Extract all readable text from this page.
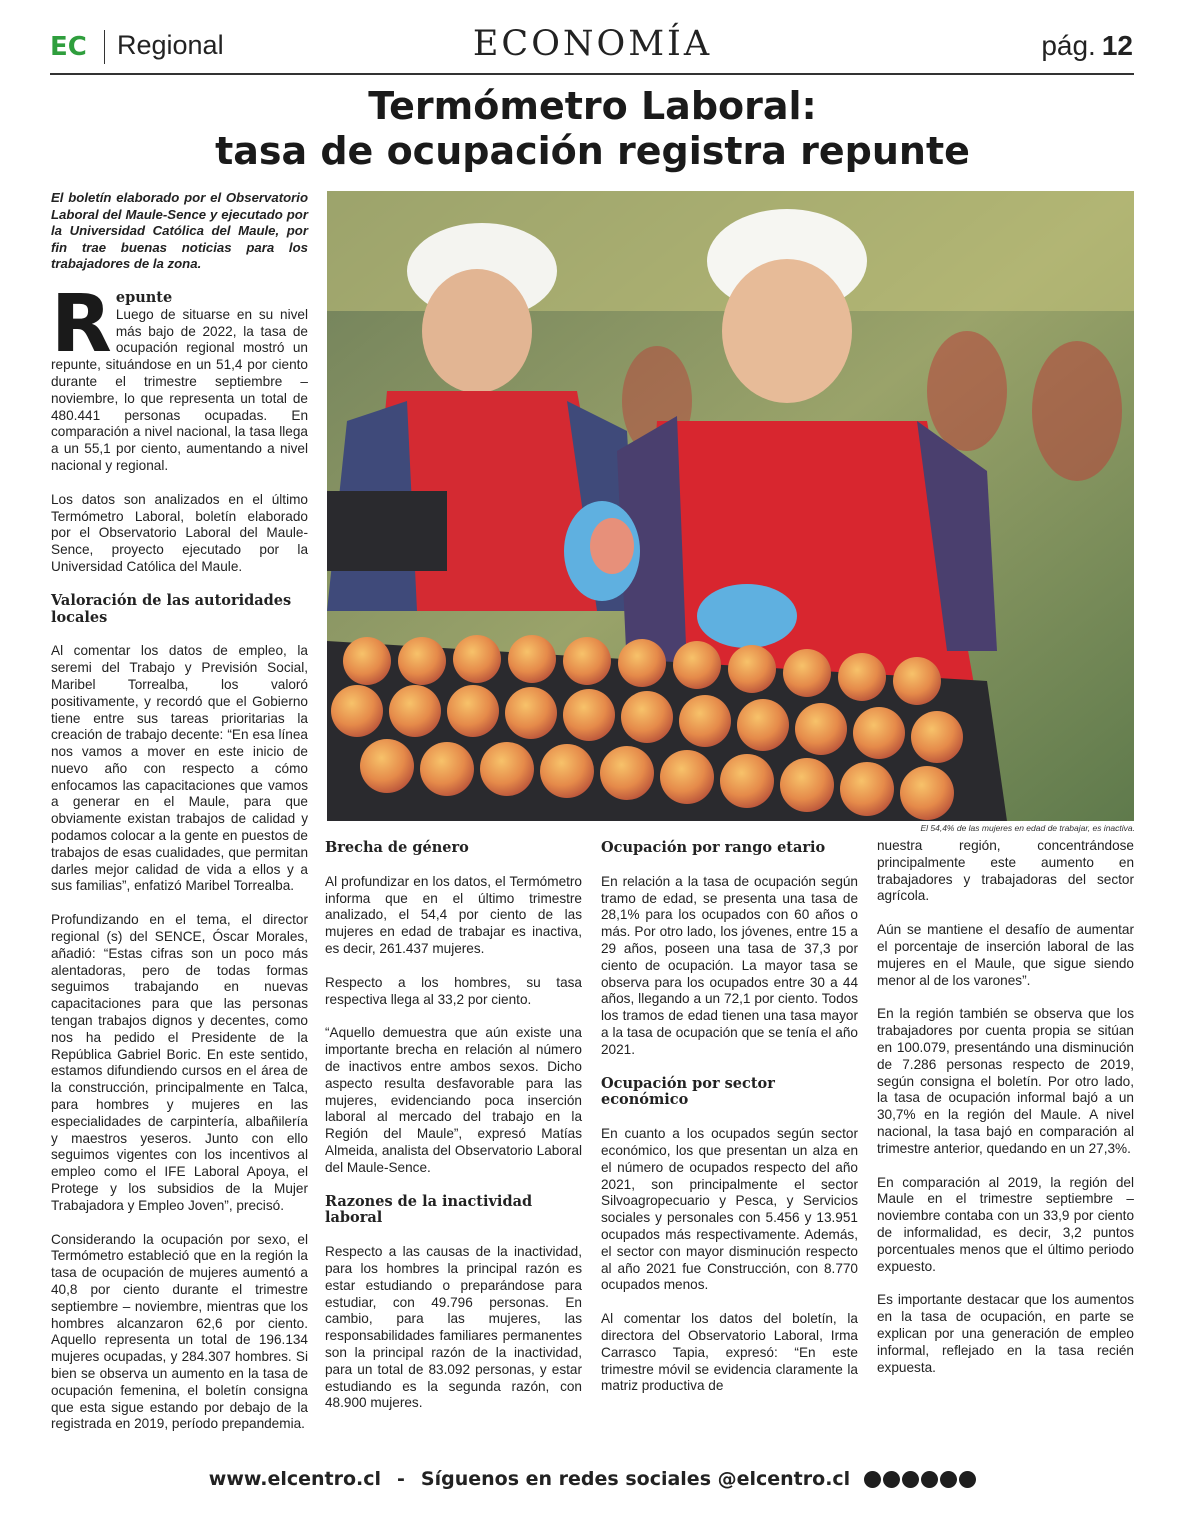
EC Regional	ECONOMÍA	pág. 12
Termómetro Laboral:
tasa de ocupación registra repunte

El boletín elaborado por el Observatorio Laboral del Maule-Sence y ejecutado por la Universidad Católica del Maule, por fin trae buenas noticias para los trabajadores de la zona.

R epunte
Luego de situarse en su nivel más bajo de 2022, la tasa de ocupación regional mostró un repunte, situándose en un 51,4 por ciento durante el trimestre septiembre – noviembre, lo que representa un total de 480.441 personas ocupadas. En comparación a nivel nacional, la tasa llega a un 55,1 por ciento, aumentando a nivel nacional y regional.

Los datos son analizados en el último Termómetro Laboral, boletín elaborado por el Observatorio Laboral del Maule-Sence, proyecto ejecutado por la Universidad Católica del Maule.

Valoración de las autoridades locales

Al comentar los datos de empleo, la seremi del Trabajo y Previsión Social, Maribel Torrealba, los valoró positivamente, y recordó que el Gobierno tiene entre sus tareas prioritarias la creación de trabajo decente: “En esa línea nos vamos a mover en este inicio de nuevo año con respecto a cómo enfocamos las capacitaciones que vamos a generar en el Maule, para que obviamente existan trabajos de calidad y podamos colocar a la gente en puestos de trabajos de esas cualidades, que permitan darles mejor calidad de vida a ellos y a sus familias”, enfatizó Maribel Torrealba.

Profundizando en el tema, el director regional (s) del SENCE, Óscar Morales, añadió: “Estas cifras son un poco más alentadoras, pero de todas formas seguimos trabajando en nuevas capacitaciones para que las personas tengan trabajos dignos y decentes, como nos ha pedido el Presidente de la República Gabriel Boric. En este sentido, estamos difundiendo cursos en el área de la construcción, principalmente en Talca, para hombres y mujeres en las especialidades de carpintería, albañilería y maestros yeseros. Junto con ello seguimos vigentes con los incentivos al empleo como el IFE Laboral Apoya, el Protege y los subsidios de la Mujer Trabajadora y Empleo Joven”, precisó.

Considerando la ocupación por sexo, el Termómetro estableció que en la región la tasa de ocupación de mujeres aumentó a 40,8 por ciento durante el trimestre septiembre – noviembre, mientras que los hombres alcanzaron 62,6 por ciento. Aquello representa un total de 196.134 mujeres ocupadas, y 284.307 hombres. Si bien se observa un aumento en la tasa de ocupación femenina, el boletín consigna que esta sigue estando por debajo de la registrada en 2019, período prepandemia.

El 54,4% de las mujeres en edad de trabajar, es inactiva.
Brecha de género

Al profundizar en los datos, el Termómetro informa que en el último trimestre analizado, el 54,4 por ciento de las mujeres en edad de trabajar es inactiva, es decir, 261.437 mujeres.

Respecto a los hombres, su tasa respectiva llega al 33,2 por ciento.

“Aquello demuestra que aún existe una importante brecha en relación al número de inactivos entre ambos sexos. Dicho aspecto resulta desfavorable para las mujeres, evidenciando poca inserción laboral al mercado del trabajo en la Región del Maule”, expresó Matías Almeida, analista del Observatorio Laboral del Maule-Sence.

Razones de la inactividad laboral

Respecto a las causas de la inactividad, para los hombres la principal razón es estar estudiando o preparándose para estudiar, con 49.796 personas. En cambio, para las mujeres, las responsabilidades familiares permanentes son la principal razón de la inactividad, para un total de 83.092 personas, y estar estudiando es la segunda razón, con 48.900 mujeres.

Ocupación por rango etario

En relación a la tasa de ocupación según tramo de edad, se presenta una tasa de 28,1% para los ocupados con 60 años o más. Por otro lado, los jóvenes, entre 15 a 29 años, poseen una tasa de 37,3 por ciento de ocupación. La mayor tasa se observa para los ocupados entre 30 a 44 años, llegando a un 72,1 por ciento. Todos los tramos de edad tienen una tasa mayor a la tasa de ocupación que se tenía el año 2021.

Ocupación por sector económico

En cuanto a los ocupados según sector económico, los que presentan un alza en el número de ocupados respecto del año 2021, son principalmente el sector Silvoagropecuario y Pesca, y Servicios sociales y personales con 5.456 y 13.951 ocupados más respectivamente. Además, el sector con mayor disminución respecto al año 2021 fue Construcción, con 8.770 ocupados menos.

Al comentar los datos del boletín, la directora del Observatorio Laboral, Irma Carrasco Tapia, expresó: “En este trimestre móvil se evidencia claramente la matriz productiva de

nuestra región, concentrándose principalmente este aumento en trabajadores y trabajadoras del sector agrícola.

Aún se mantiene el desafío de aumentar el porcentaje de inserción laboral de las mujeres en el Maule, que sigue siendo menor al de los varones”.

En la región también se observa que los trabajadores por cuenta propia se sitúan en 100.079, presentándo una disminución de 7.286 personas respecto de 2019, según consigna el boletín. Por otro lado, la tasa de ocupación informal bajó a un 30,7% en la región del Maule. A nivel nacional, la tasa bajó en comparación al trimestre anterior, quedando en un 27,3%.

En comparación al 2019, la región del Maule en el trimestre septiembre – noviembre contaba con un 33,9 por ciento de informalidad, es decir, 3,2 puntos porcentuales menos que el último periodo expuesto.

Es importante destacar que los aumentos en la tasa de ocupación, en parte se explican por una generación de empleo informal, reflejado en la tasa recién expuesta.

www.elcentro.cl - Síguenos en redes sociales @elcentro.cl
